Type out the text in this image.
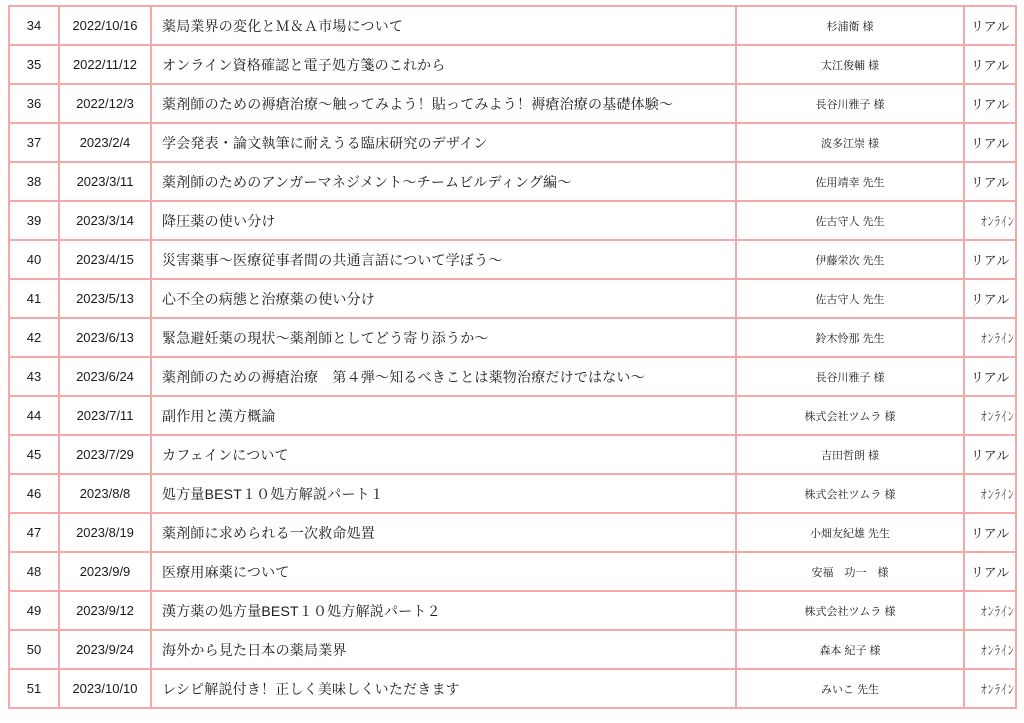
34	2022/10/16	薬局業界の変化とＭ＆Ａ市場について	杉浦衛 様	リアル
35	2022/11/12	オンライン資格確認と電子処方箋のこれから	太江俊輔 様	リアル
36	2022/12/3	薬剤師のための褥瘡治療～触ってみよう！貼ってみよう！褥瘡治療の基礎体験～	長谷川雅子 様	リアル
37	2023/2/4	学会発表・論文執筆に耐えうる臨床研究のデザイン	波多江崇 様	リアル
38	2023/3/11	薬剤師のためのアンガーマネジメント～チームビルディング編～	佐用靖幸 先生	リアル
39	2023/3/14	降圧薬の使い分け	佐古守人 先生	オンライン
40	2023/4/15	災害薬事～医療従事者間の共通言語について学ぼう～	伊藤栄次 先生	リアル
41	2023/5/13	心不全の病態と治療薬の使い分け	佐古守人 先生	リアル
42	2023/6/13	緊急避妊薬の現状～薬剤師としてどう寄り添うか～	鈴木怜那 先生	オンライン
43	2023/6/24	薬剤師のための褥瘡治療　第４弾～知るべきことは薬物治療だけではない～	長谷川雅子 様	リアル
44	2023/7/11	副作用と漢方概論	株式会社ツムラ 様	オンライン
45	2023/7/29	カフェインについて	吉田哲朗 様	リアル
46	2023/8/8	処方量BEST１０処方解説パート１	株式会社ツムラ 様	オンライン
47	2023/8/19	薬剤師に求められる一次救命処置	小畑友紀雄 先生	リアル
48	2023/9/9	医療用麻薬について	安福　功一　様	リアル
49	2023/9/12	漢方薬の処方量BEST１０処方解説パート２	株式会社ツムラ 様	オンライン
50	2023/9/24	海外から見た日本の薬局業界	森本 紀子 様	オンライン
51	2023/10/10	レシピ解説付き！正しく美味しくいただきます	みいこ 先生	オンライン
